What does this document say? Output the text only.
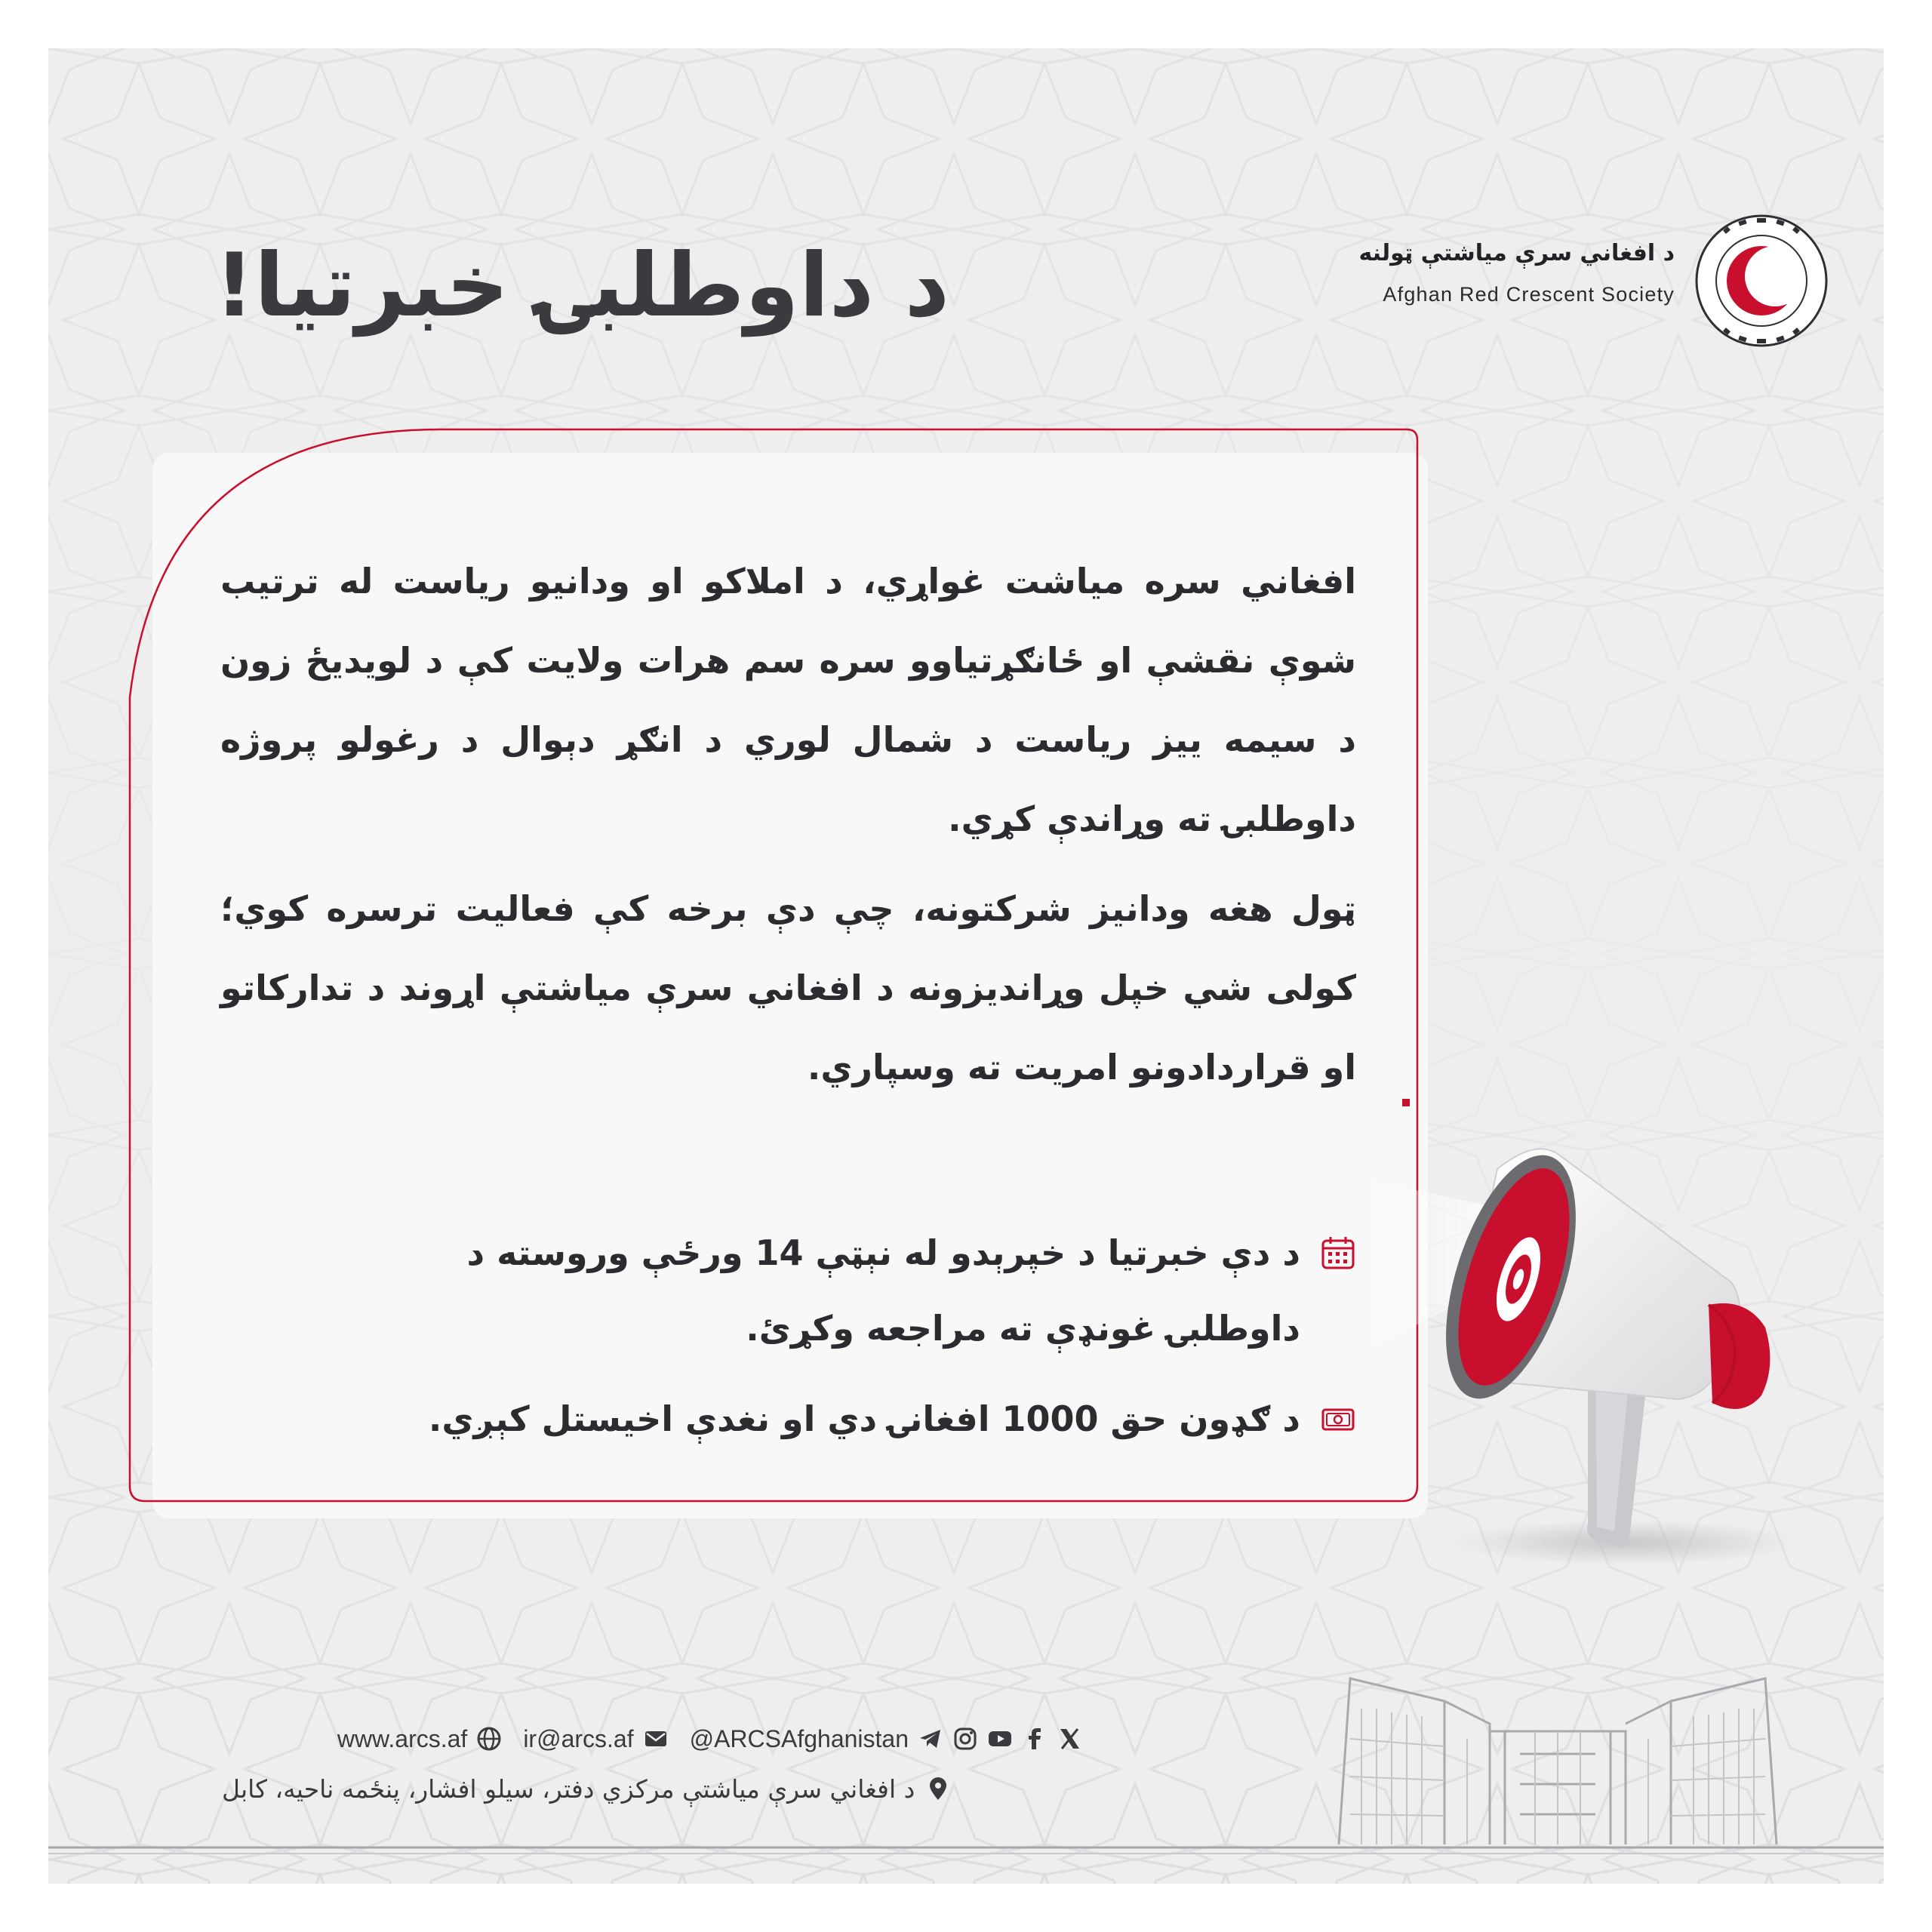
د داوطلبۍ خبرتيا!	د افغاني سرې مياشتې ټولنه
Afghan Red Crescent Society

افغاني سره مياشت غواړي، د املاکو او ودانيو رياست له ترتيب شوې نقشې او ځانګړتياوو سره سم هرات ولايت کې د لويديځ زون د سيمه ييز رياست د شمال لوري د انګړ دېوال د رغولو پروژه داوطلبۍ ته وړاندې کړي.

ټول هغه ودانيز شرکتونه، چې دې برخه کې فعاليت ترسره کوي؛ کولی شي خپل وړانديزونه د افغاني سرې مياشتې اړوند د تدارکاتو او قراردادونو امريت ته وسپاري.

د دې خبرتيا د خپرېدو له نېټې 14 ورځې وروسته د داوطلبۍ غونډې ته مراجعه وکړئ.
د ګډون حق 1000 افغانۍ دي او نغدې اخيستل کېږي.
www.arcs.af ir@arcs.af @ARCSAfghanistan
د افغاني سرې مياشتې مرکزي دفتر، سيلو افشار، پنځمه ناحيه، کابل
